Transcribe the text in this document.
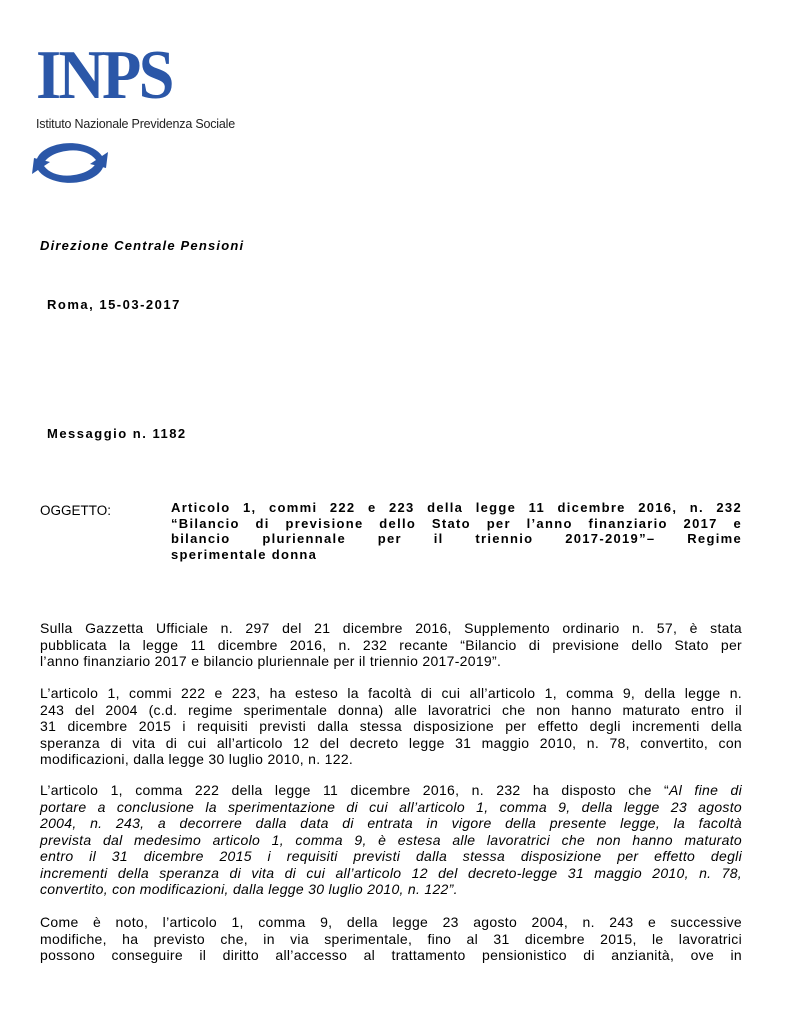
INPS
Istituto Nazionale Previdenza Sociale
Direzione Centrale Pensioni
Roma, 15-03-2017
Messaggio n. 1182
OGGETTO:	Articolo 1, commi 222 e 223 della legge 11 dicembre 2016, n. 232
“Bilancio di previsione dello Stato per l’anno finanziario 2017 e
bilancio pluriennale per il triennio 2017-2019”– Regime
sperimentale donna
Sulla Gazzetta Ufficiale n. 297 del 21 dicembre 2016, Supplemento ordinario n. 57, è stata
pubblicata la legge 11 dicembre 2016, n. 232 recante “Bilancio di previsione dello Stato per
l’anno finanziario 2017 e bilancio pluriennale per il triennio 2017-2019”.
L’articolo 1, commi 222 e 223, ha esteso la facoltà di cui all’articolo 1, comma 9, della legge n.
243 del 2004 (c.d. regime sperimentale donna) alle lavoratrici che non hanno maturato entro il
31 dicembre 2015 i requisiti previsti dalla stessa disposizione per effetto degli incrementi della
speranza di vita di cui all’articolo 12 del decreto legge 31 maggio 2010, n. 78, convertito, con
modificazioni, dalla legge 30 luglio 2010, n. 122.
L’articolo 1, comma 222 della legge 11 dicembre 2016, n. 232 ha disposto che “Al fine di
portare a conclusione la sperimentazione di cui all’articolo 1, comma 9, della legge 23 agosto
2004, n. 243, a decorrere dalla data di entrata in vigore della presente legge, la facoltà
prevista dal medesimo articolo 1, comma 9, è estesa alle lavoratrici che non hanno maturato
entro il 31 dicembre 2015 i requisiti previsti dalla stessa disposizione per effetto degli
incrementi della speranza di vita di cui all’articolo 12 del decreto-legge 31 maggio 2010, n. 78,
convertito, con modificazioni, dalla legge 30 luglio 2010, n. 122”.
Come è noto, l’articolo 1, comma 9, della legge 23 agosto 2004, n. 243 e successive
modifiche, ha previsto che, in via sperimentale, fino al 31 dicembre 2015, le lavoratrici
possono conseguire il diritto all’accesso al trattamento pensionistico di anzianità, ove in
